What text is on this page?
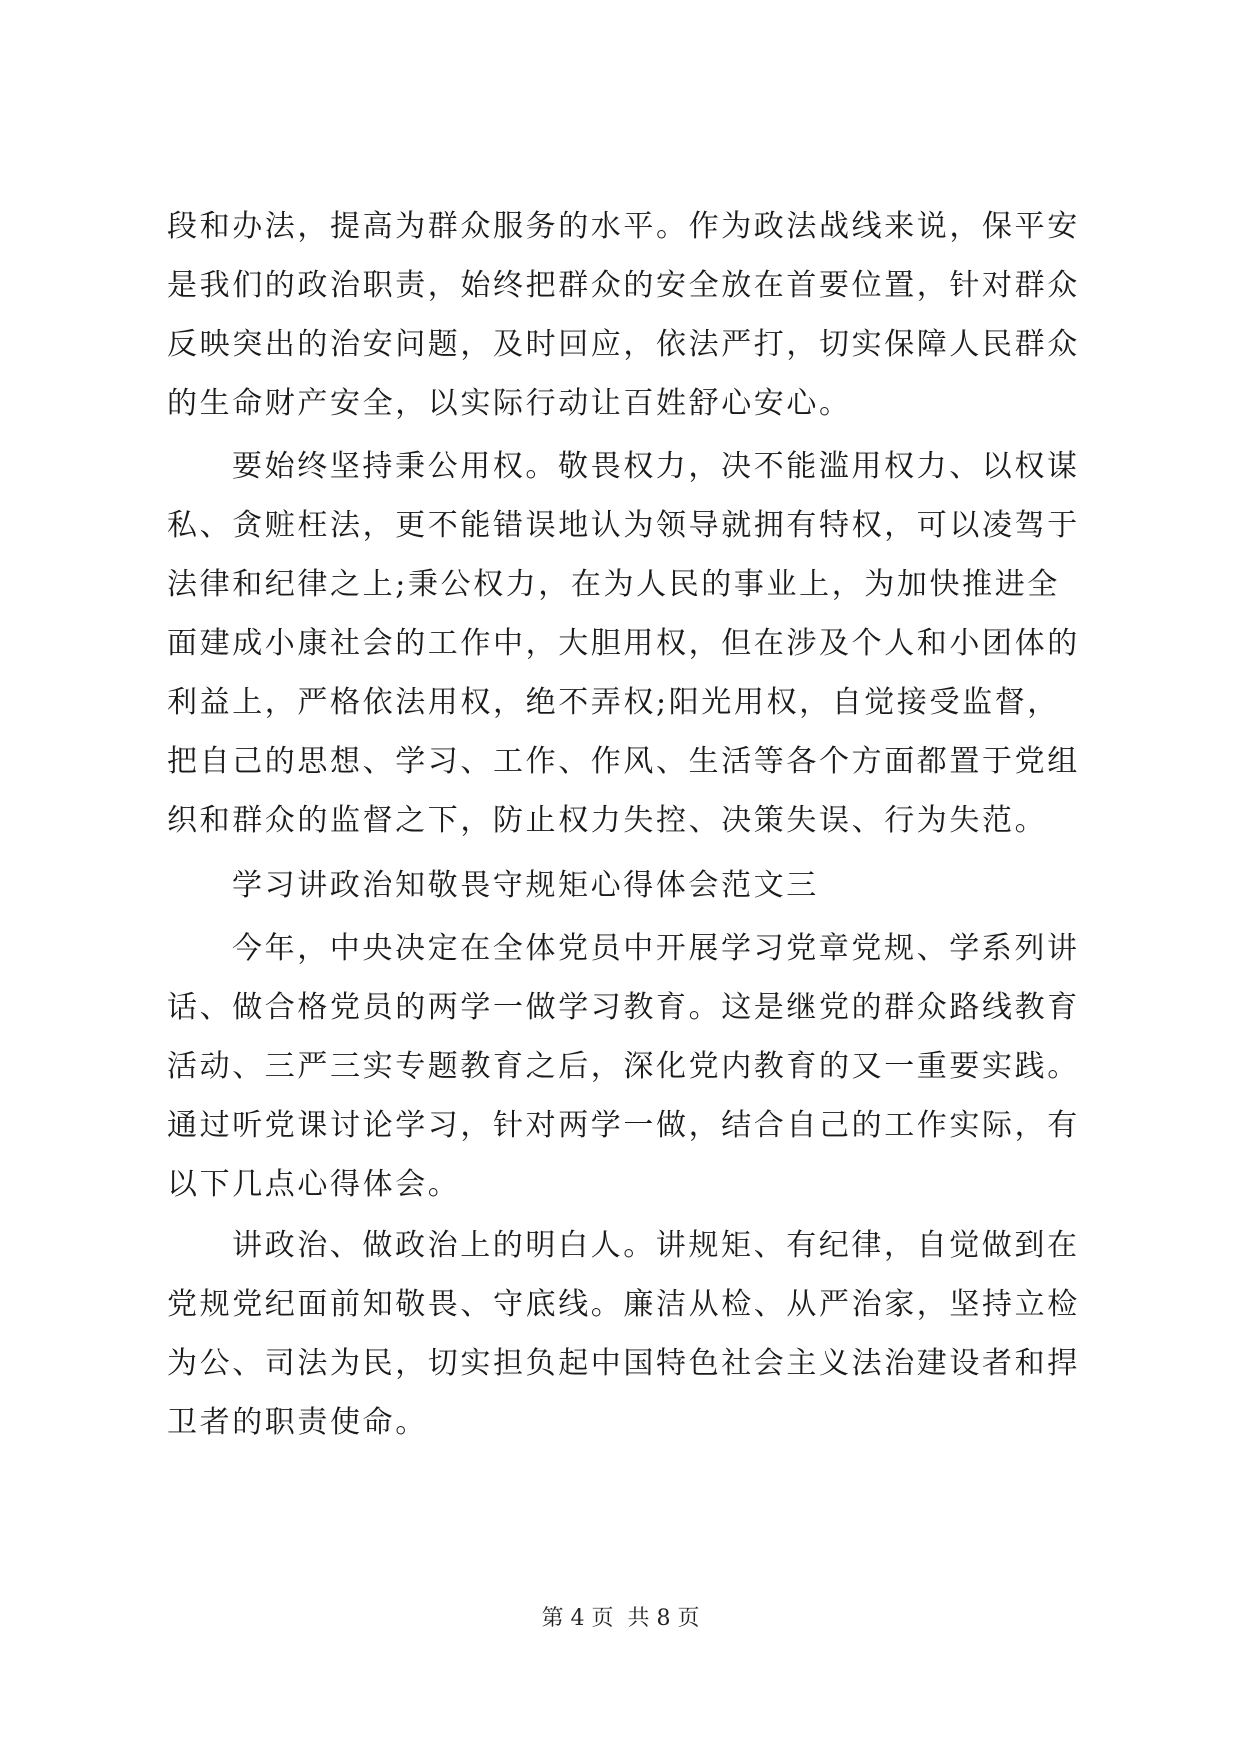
段和办法，提高为群众服务的水平。作为政法战线来说，保平安
是我们的政治职责，始终把群众的安全放在首要位置，针对群众
反映突出的治安问题，及时回应，依法严打，切实保障人民群众
的生命财产安全，以实际行动让百姓舒心安心。
要始终坚持秉公用权。敬畏权力，决不能滥用权力、以权谋
私、贪赃枉法，更不能错误地认为领导就拥有特权，可以凌驾于
法律和纪律之上;秉公权力，在为人民的事业上，为加快推进全
面建成小康社会的工作中，大胆用权，但在涉及个人和小团体的
利益上，严格依法用权，绝不弄权;阳光用权，自觉接受监督，
把自己的思想、学习、工作、作风、生活等各个方面都置于党组
织和群众的监督之下，防止权力失控、决策失误、行为失范。
学习讲政治知敬畏守规矩心得体会范文三
今年，中央决定在全体党员中开展学习党章党规、学系列讲
话、做合格党员的两学一做学习教育。这是继党的群众路线教育
活动、三严三实专题教育之后，深化党内教育的又一重要实践。
通过听党课讨论学习，针对两学一做，结合自己的工作实际，有
以下几点心得体会。
讲政治、做政治上的明白人。讲规矩、有纪律，自觉做到在
党规党纪面前知敬畏、守底线。廉洁从检、从严治家，坚持立检
为公、司法为民，切实担负起中国特色社会主义法治建设者和捍
卫者的职责使命。
第 4 页  共 8 页
